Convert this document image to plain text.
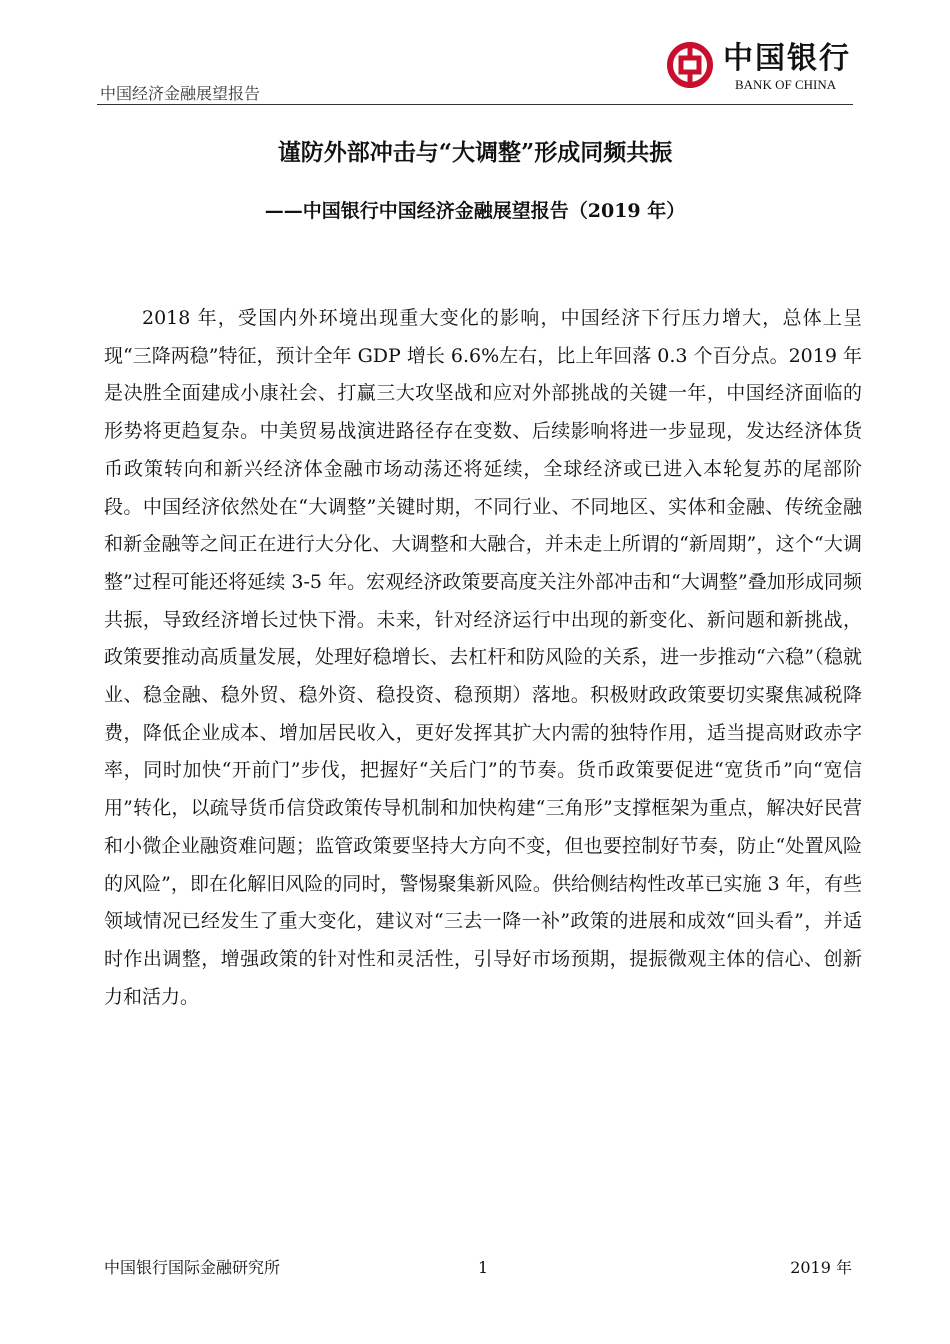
中国经济金融展望报告
中国银行
BANK OF CHINA
谨防外部冲击与“大调整”形成同频共振
——中国银行中国经济金融展望报告（2019 年）

2018 年，受国内外环境出现重大变化的影响，中国经济下行压力增大，总体上呈现“三降两稳”特征，预计全年 GDP 增长 6.6%左右，比上年回落 0.3 个百分点。2019 年是决胜全面建成小康社会、打赢三大攻坚战和应对外部挑战的关键一年，中国经济面临的形势将更趋复杂。中美贸易战演进路径存在变数、后续影响将进一步显现，发达经济体货币政策转向和新兴经济体金融市场动荡还将延续，全球经济或已进入本轮复苏的尾部阶段。中国经济依然处在“大调整”关键时期，不同行业、不同地区、实体和金融、传统金融和新金融等之间正在进行大分化、大调整和大融合，并未走上所谓的“新周期”，这个“大调整”过程可能还将延续 3-5 年。宏观经济政策要高度关注外部冲击和“大调整”叠加形成同频共振，导致经济增长过快下滑。未来，针对经济运行中出现的新变化、新问题和新挑战，政策要推动高质量发展，处理好稳增长、去杠杆和防风险的关系，进一步推动“六稳”（稳就业、稳金融、稳外贸、稳外资、稳投资、稳预期）落地。积极财政政策要切实聚焦减税降费，降低企业成本、增加居民收入，更好发挥其扩大内需的独特作用，适当提高财政赤字率，同时加快“开前门”步伐，把握好“关后门”的节奏。货币政策要促进“宽货币”向“宽信用”转化，以疏导货币信贷政策传导机制和加快构建“三角形”支撑框架为重点，解决好民营和小微企业融资难问题；监管政策要坚持大方向不变，但也要控制好节奏，防止“处置风险的风险”，即在化解旧风险的同时，警惕聚集新风险。供给侧结构性改革已实施 3 年，有些领域情况已经发生了重大变化，建议对“三去一降一补”政策的进展和成效“回头看”，并适时作出调整，增强政策的针对性和灵活性，引导好市场预期，提振微观主体的信心、创新力和活力。

中国银行国际金融研究所	1	2019 年
